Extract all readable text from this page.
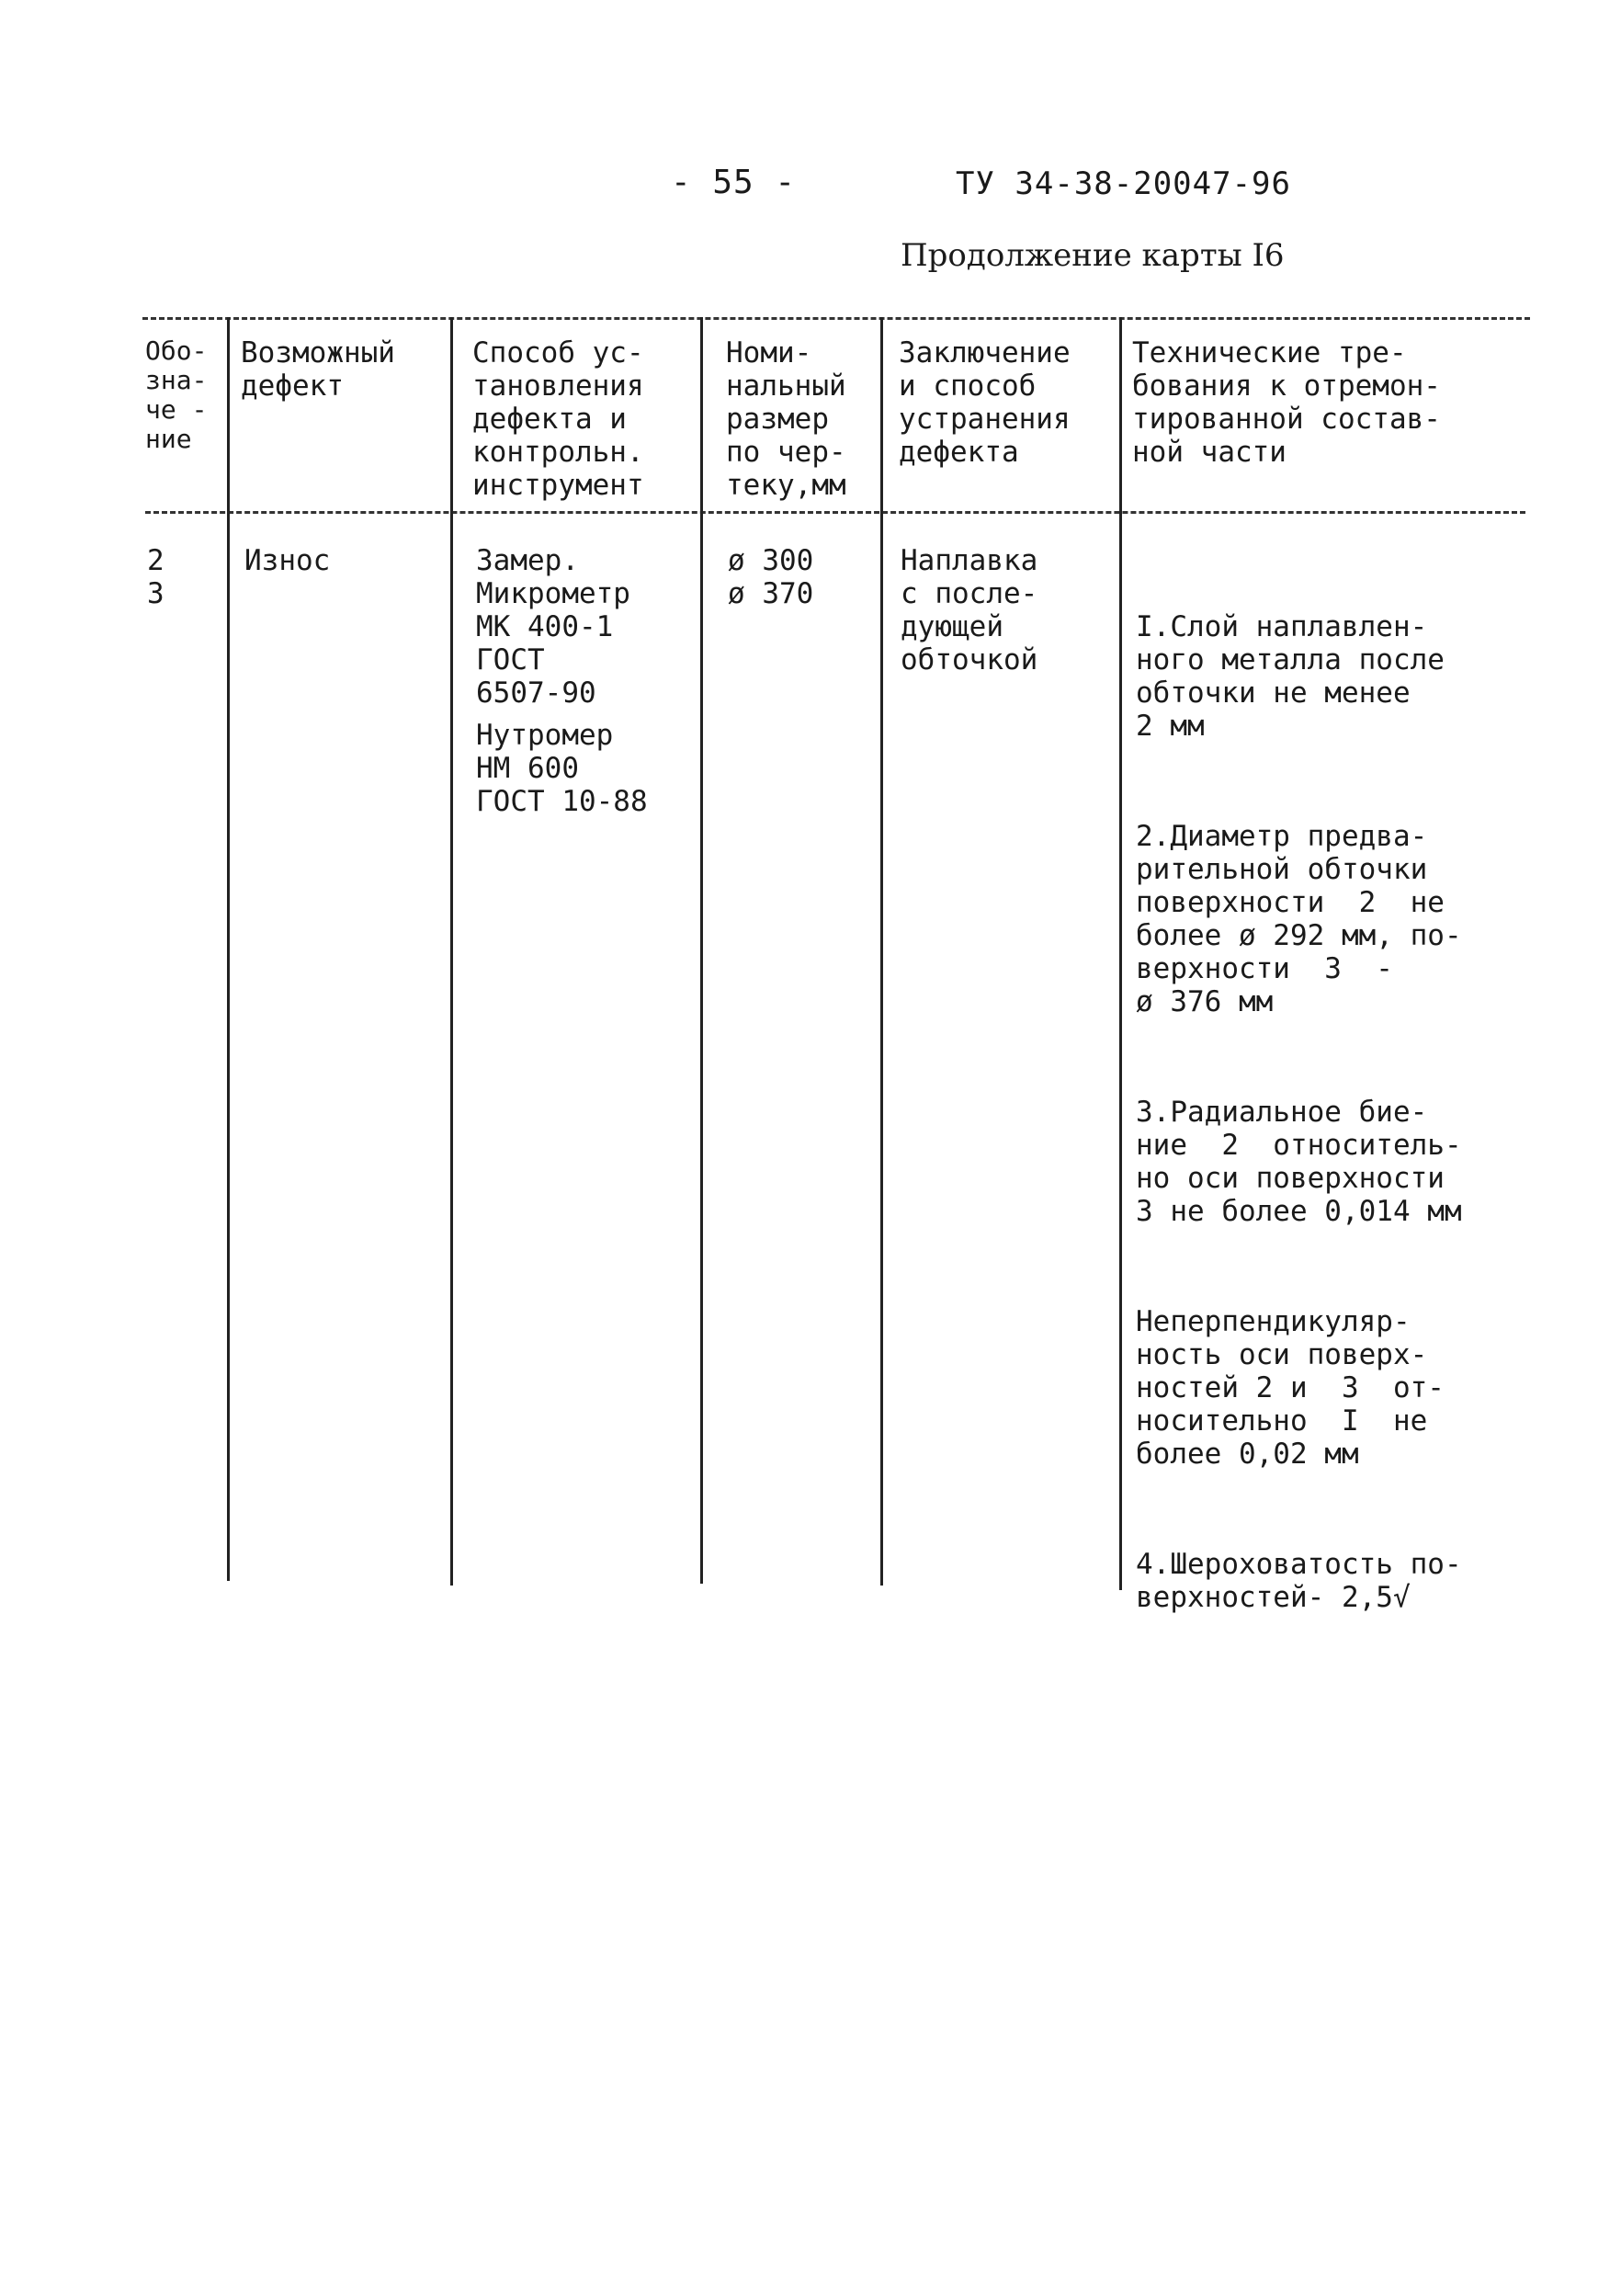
- 55 -	ТУ 34-38-20047-96
Продолжение карты I6
Обо-
зна-
че -
ние
Возможный
дефект
Способ ус-
тановления
дефекта и
контрольн.
инструмент
Номи-
нальный
размер
по чер-
теку,мм
Заключение
и способ
устранения
дефекта
Технические тре-
бования к отремон-
тированной состав-
ной части
2
3
Износ	Замер.
Микрометр
МК 400-1
ГОСТ
6507-90
Нутромер
НМ 600
ГОСТ 10-88
ø 300
ø 370
Наплавка
с после-
дующей
обточкой

I.Слой наплавлен-
ного металла после
обточки не менее
2 мм

2.Диаметр предва-
рительной обточки
поверхности  2  не
более ø 292 мм, по-
верхности  3  -
ø 376 мм

3.Радиальное бие-
ние  2  относитель-
но оси поверхности
3 не более 0,014 мм

Неперпендикуляр-
ность оси поверх-
ностей 2 и  3  от-
носительно  I  не
более 0,02 мм

4.Шероховатость по-
верхностей- 2,5√
